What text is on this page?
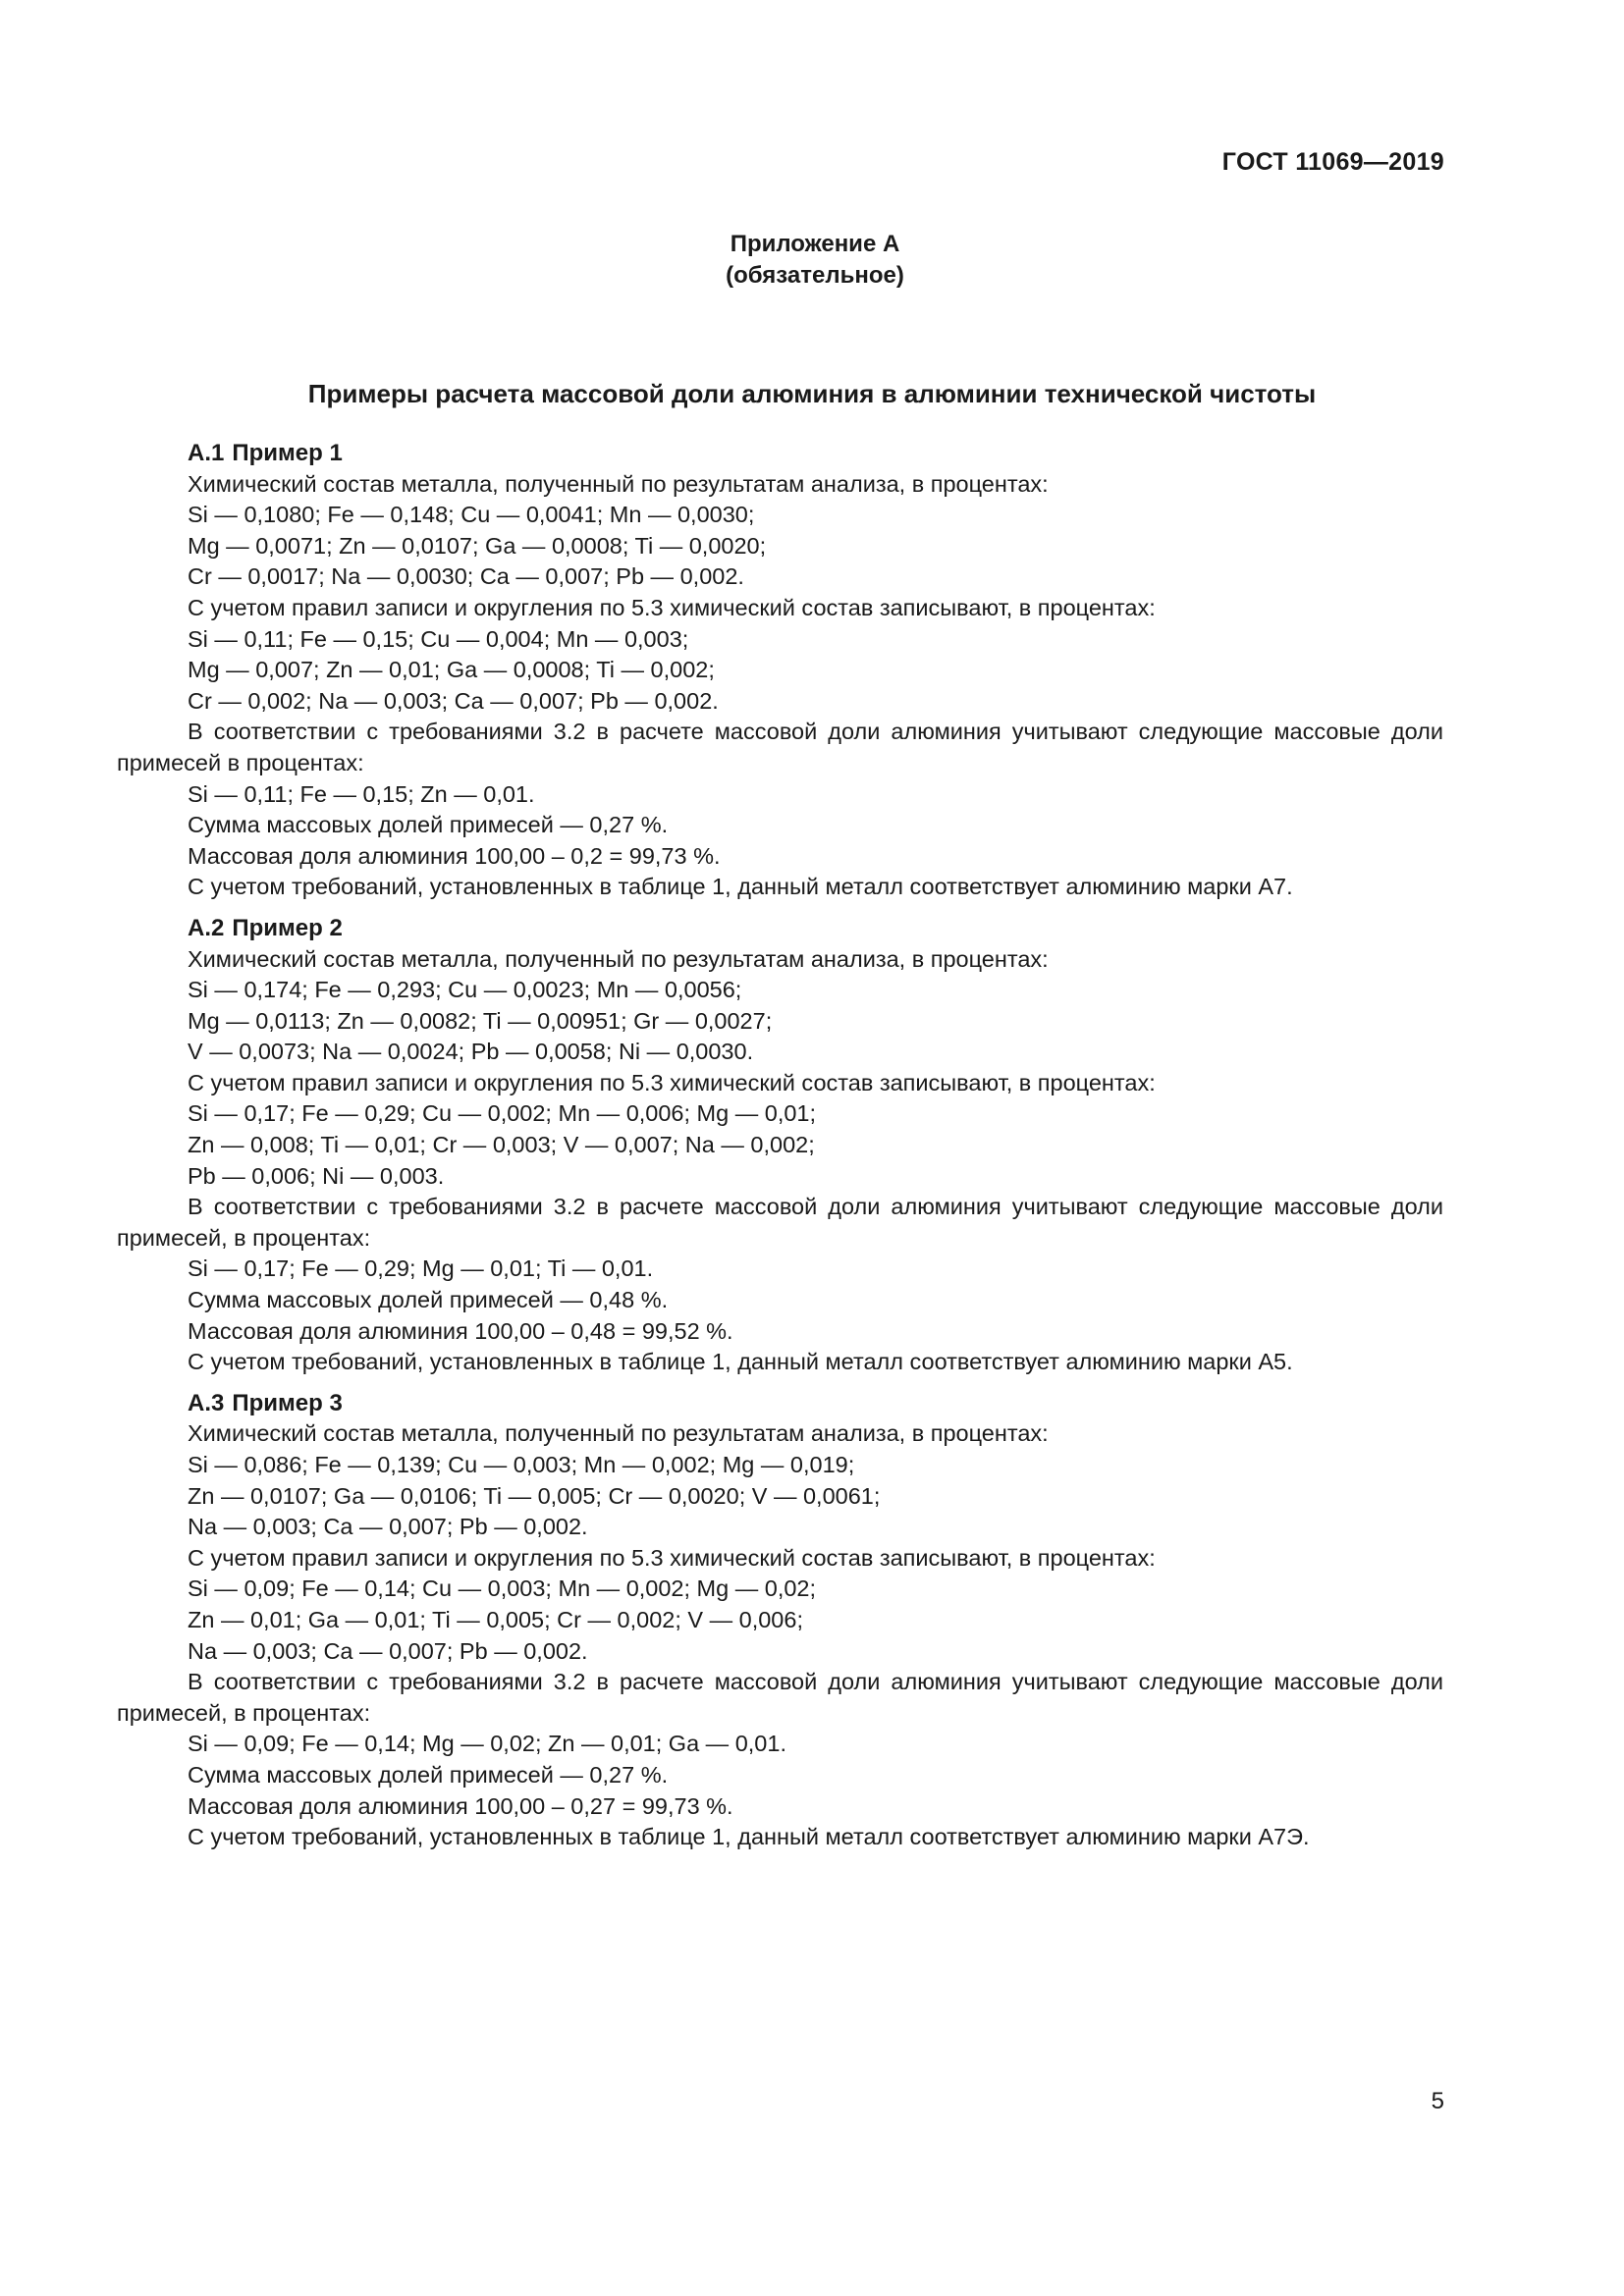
ГОСТ 11069—2019
Приложение А
(обязательное)
Примеры расчета массовой доли алюминия в алюминии технической чистоты
А.1 Пример 1
Химический состав металла, полученный по результатам анализа, в процентах:
Si — 0,1080; Fe — 0,148; Cu — 0,0041; Mn — 0,0030;
Mg — 0,0071; Zn — 0,0107; Ga — 0,0008; Ti — 0,0020;
Cr — 0,0017; Na — 0,0030; Ca — 0,007; Pb — 0,002.
С учетом правил записи и округления по 5.3 химический состав записывают, в процентах:
Si — 0,11; Fe — 0,15; Cu — 0,004; Mn — 0,003;
Mg — 0,007; Zn — 0,01; Ga — 0,0008; Ti — 0,002;
Cr — 0,002; Na — 0,003; Ca — 0,007; Pb — 0,002.
В соответствии с требованиями 3.2 в расчете массовой доли алюминия учитывают следующие массовые доли примесей в процентах:
Si — 0,11; Fe — 0,15; Zn — 0,01.
Сумма массовых долей примесей — 0,27 %.
Массовая доля алюминия 100,00 – 0,2 = 99,73 %.
С учетом требований, установленных в таблице 1, данный металл соответствует алюминию марки А7.
А.2 Пример 2
Химический состав металла, полученный по результатам анализа, в процентах:
Si — 0,174; Fe — 0,293; Cu — 0,0023; Mn — 0,0056;
Mg — 0,0113; Zn — 0,0082; Ti — 0,00951; Gr — 0,0027;
V — 0,0073; Na — 0,0024; Pb — 0,0058; Ni — 0,0030.
С учетом правил записи и округления по 5.3 химический состав записывают, в процентах:
Si — 0,17; Fe — 0,29; Cu — 0,002; Mn — 0,006; Mg — 0,01;
Zn — 0,008; Ti — 0,01; Cr — 0,003; V — 0,007; Na — 0,002;
Pb — 0,006; Ni — 0,003.
В соответствии с требованиями 3.2 в расчете массовой доли алюминия учитывают следующие массовые доли примесей, в процентах:
Si — 0,17; Fe — 0,29; Mg — 0,01; Ti — 0,01.
Сумма массовых долей примесей — 0,48 %.
Массовая доля алюминия 100,00 – 0,48 = 99,52 %.
С учетом требований, установленных в таблице 1, данный металл соответствует алюминию марки А5.
А.3 Пример 3
Химический состав металла, полученный по результатам анализа, в процентах:
Si — 0,086; Fe — 0,139; Cu — 0,003; Mn — 0,002; Mg — 0,019;
Zn — 0,0107; Ga — 0,0106; Ti — 0,005; Cr — 0,0020; V — 0,0061;
Na — 0,003; Ca — 0,007; Pb — 0,002.
С учетом правил записи и округления по 5.3 химический состав записывают, в процентах:
Si — 0,09; Fe — 0,14; Cu — 0,003; Mn — 0,002; Mg — 0,02;
Zn — 0,01; Ga — 0,01; Ti — 0,005; Cr — 0,002; V — 0,006;
Na — 0,003; Ca — 0,007; Pb — 0,002.
В соответствии с требованиями 3.2 в расчете массовой доли алюминия учитывают следующие массовые доли примесей, в процентах:
Si — 0,09; Fe — 0,14; Mg — 0,02; Zn — 0,01; Ga — 0,01.
Сумма массовых долей примесей — 0,27 %.
Массовая доля алюминия 100,00 – 0,27 = 99,73 %.
С учетом требований, установленных в таблице 1, данный металл соответствует алюминию марки А7Э.
5
